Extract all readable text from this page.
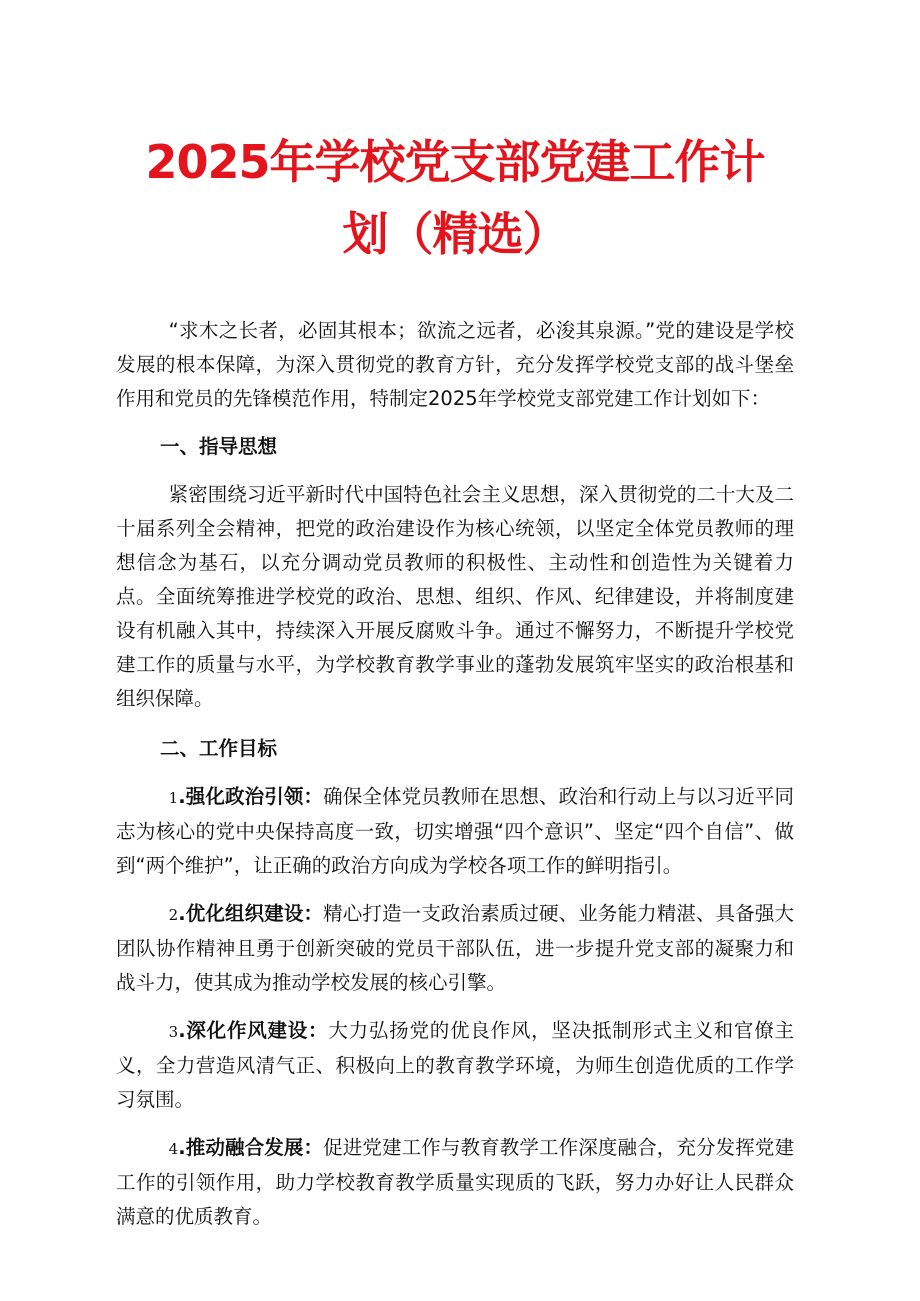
2025年学校党支部党建工作计
划（精选）

“求木之长者，必固其根本；欲流之远者，必浚其泉源。”党的建设是学校发展的根本保障，为深入贯彻党的教育方针，充分发挥学校党支部的战斗堡垒作用和党员的先锋模范作用，特制定2025年学校党支部党建工作计划如下：

一、指导思想

紧密围绕习近平新时代中国特色社会主义思想，深入贯彻党的二十大及二十届系列全会精神，把党的政治建设作为核心统领，以坚定全体党员教师的理想信念为基石，以充分调动党员教师的积极性、主动性和创造性为关键着力点。全面统筹推进学校党的政治、思想、组织、作风、纪律建设，并将制度建设有机融入其中，持续深入开展反腐败斗争。通过不懈努力，不断提升学校党建工作的质量与水平，为学校教育教学事业的蓬勃发展筑牢坚实的政治根基和组织保障。

二、工作目标

1.强化政治引领：确保全体党员教师在思想、政治和行动上与以习近平同志为核心的党中央保持高度一致，切实增强“四个意识”、坚定“四个自信”、做到“两个维护”，让正确的政治方向成为学校各项工作的鲜明指引。

2.优化组织建设：精心打造一支政治素质过硬、业务能力精湛、具备强大团队协作精神且勇于创新突破的党员干部队伍，进一步提升党支部的凝聚力和战斗力，使其成为推动学校发展的核心引擎。

3.深化作风建设：大力弘扬党的优良作风，坚决抵制形式主义和官僚主义，全力营造风清气正、积极向上的教育教学环境，为师生创造优质的工作学习氛围。

4.推动融合发展：促进党建工作与教育教学工作深度融合，充分发挥党建工作的引领作用，助力学校教育教学质量实现质的飞跃，努力办好让人民群众满意的优质教育。
